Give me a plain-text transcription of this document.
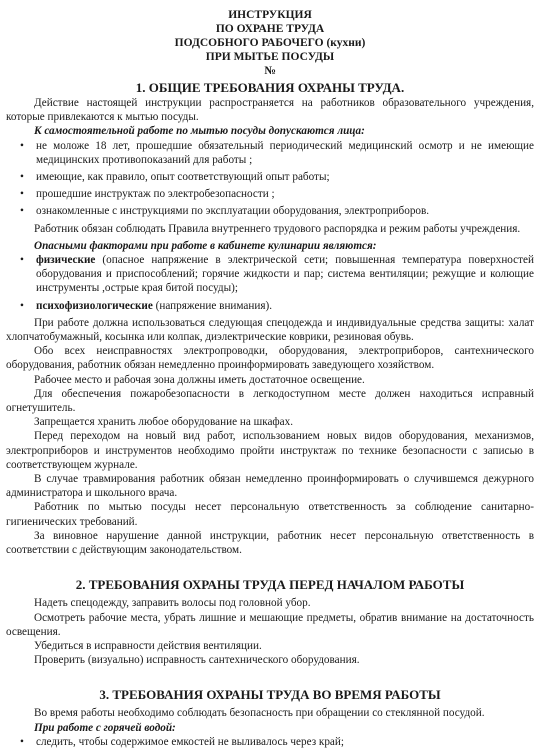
ИНСТРУКЦИЯ
ПО ОХРАНЕ ТРУДА
ПОДСОБНОГО РАБОЧЕГО (кухни)
ПРИ МЫТЬЕ ПОСУДЫ
№
1. ОБЩИЕ ТРЕБОВАНИЯ ОХРАНЫ ТРУДА.

Действие настоящей инструкции распространяется на работников образовательного учреждения, которые привлекаются к мытью посуды.

К самостоятельной работе по мытью посуды допускаются лица:

• не моложе 18 лет, прошедшие обязательный периодический медицинский осмотр и не имеющие медицинских противопоказаний для работы ;
• имеющие, как правило, опыт соответствующий опыт работы;
• прошедшие инструктаж по электробезопасности ;
• ознакомленные с инструкциями по эксплуатации оборудования, электроприборов.

Работник обязан соблюдать Правила внутреннего трудового распорядка и режим работы учреждения.

Опасными факторами при работе в кабинете кулинарии являются:

• физические (опасное напряжение в электрической сети; повышенная температура поверхностей оборудования и приспособлений; горячие жидкости и пар; система вентиляции; режущие и колющие инструменты ,острые края битой посуды);
• психофизиологические (напряжение внимания).

При работе должна использоваться следующая спецодежда и индивидуальные средства защиты: халат хлопчатобумажный, косынка или колпак, диэлектрические коврики, резиновая обувь.

Обо всех неисправностях электропроводки, оборудования, электроприборов, сантехнического оборудования, работник обязан немедленно проинформировать заведующего хозяйством.

Рабочее место и рабочая зона должны иметь достаточное освещение.

Для обеспечения пожаробезопасности в легкодоступном месте должен находиться исправный огнетушитель.

Запрещается хранить любое оборудование на шкафах.

Перед переходом на новый вид работ, использованием новых видов оборудования, механизмов, электроприборов и инструментов необходимо пройти инструктаж по технике безопасности с записью в соответствующем журнале.

В случае травмирования работник обязан немедленно проинформировать о случившемся дежурного администратора и школьного врача.

Работник по мытью посуды несет персональную ответственность за соблюдение санитарно-гигиенических требований.

За виновное нарушение данной инструкции, работник несет персональную ответственность в соответствии с действующим законодательством.

2. ТРЕБОВАНИЯ ОХРАНЫ ТРУДА ПЕРЕД НАЧАЛОМ РАБОТЫ

Надеть спецодежду, заправить волосы под головной убор.

Осмотреть рабочие места, убрать лишние и мешающие предметы, обратив внимание на достаточность освещения.

Убедиться в исправности действия вентиляции.

Проверить (визуально) исправность сантехнического оборудования.

3. ТРЕБОВАНИЯ ОХРАНЫ ТРУДА ВО ВРЕМЯ РАБОТЫ

Во время работы необходимо соблюдать безопасность при обращении со стеклянной посудой.

При работе с горячей водой:

• следить, чтобы содержимое емкостей не выливалось через край;
